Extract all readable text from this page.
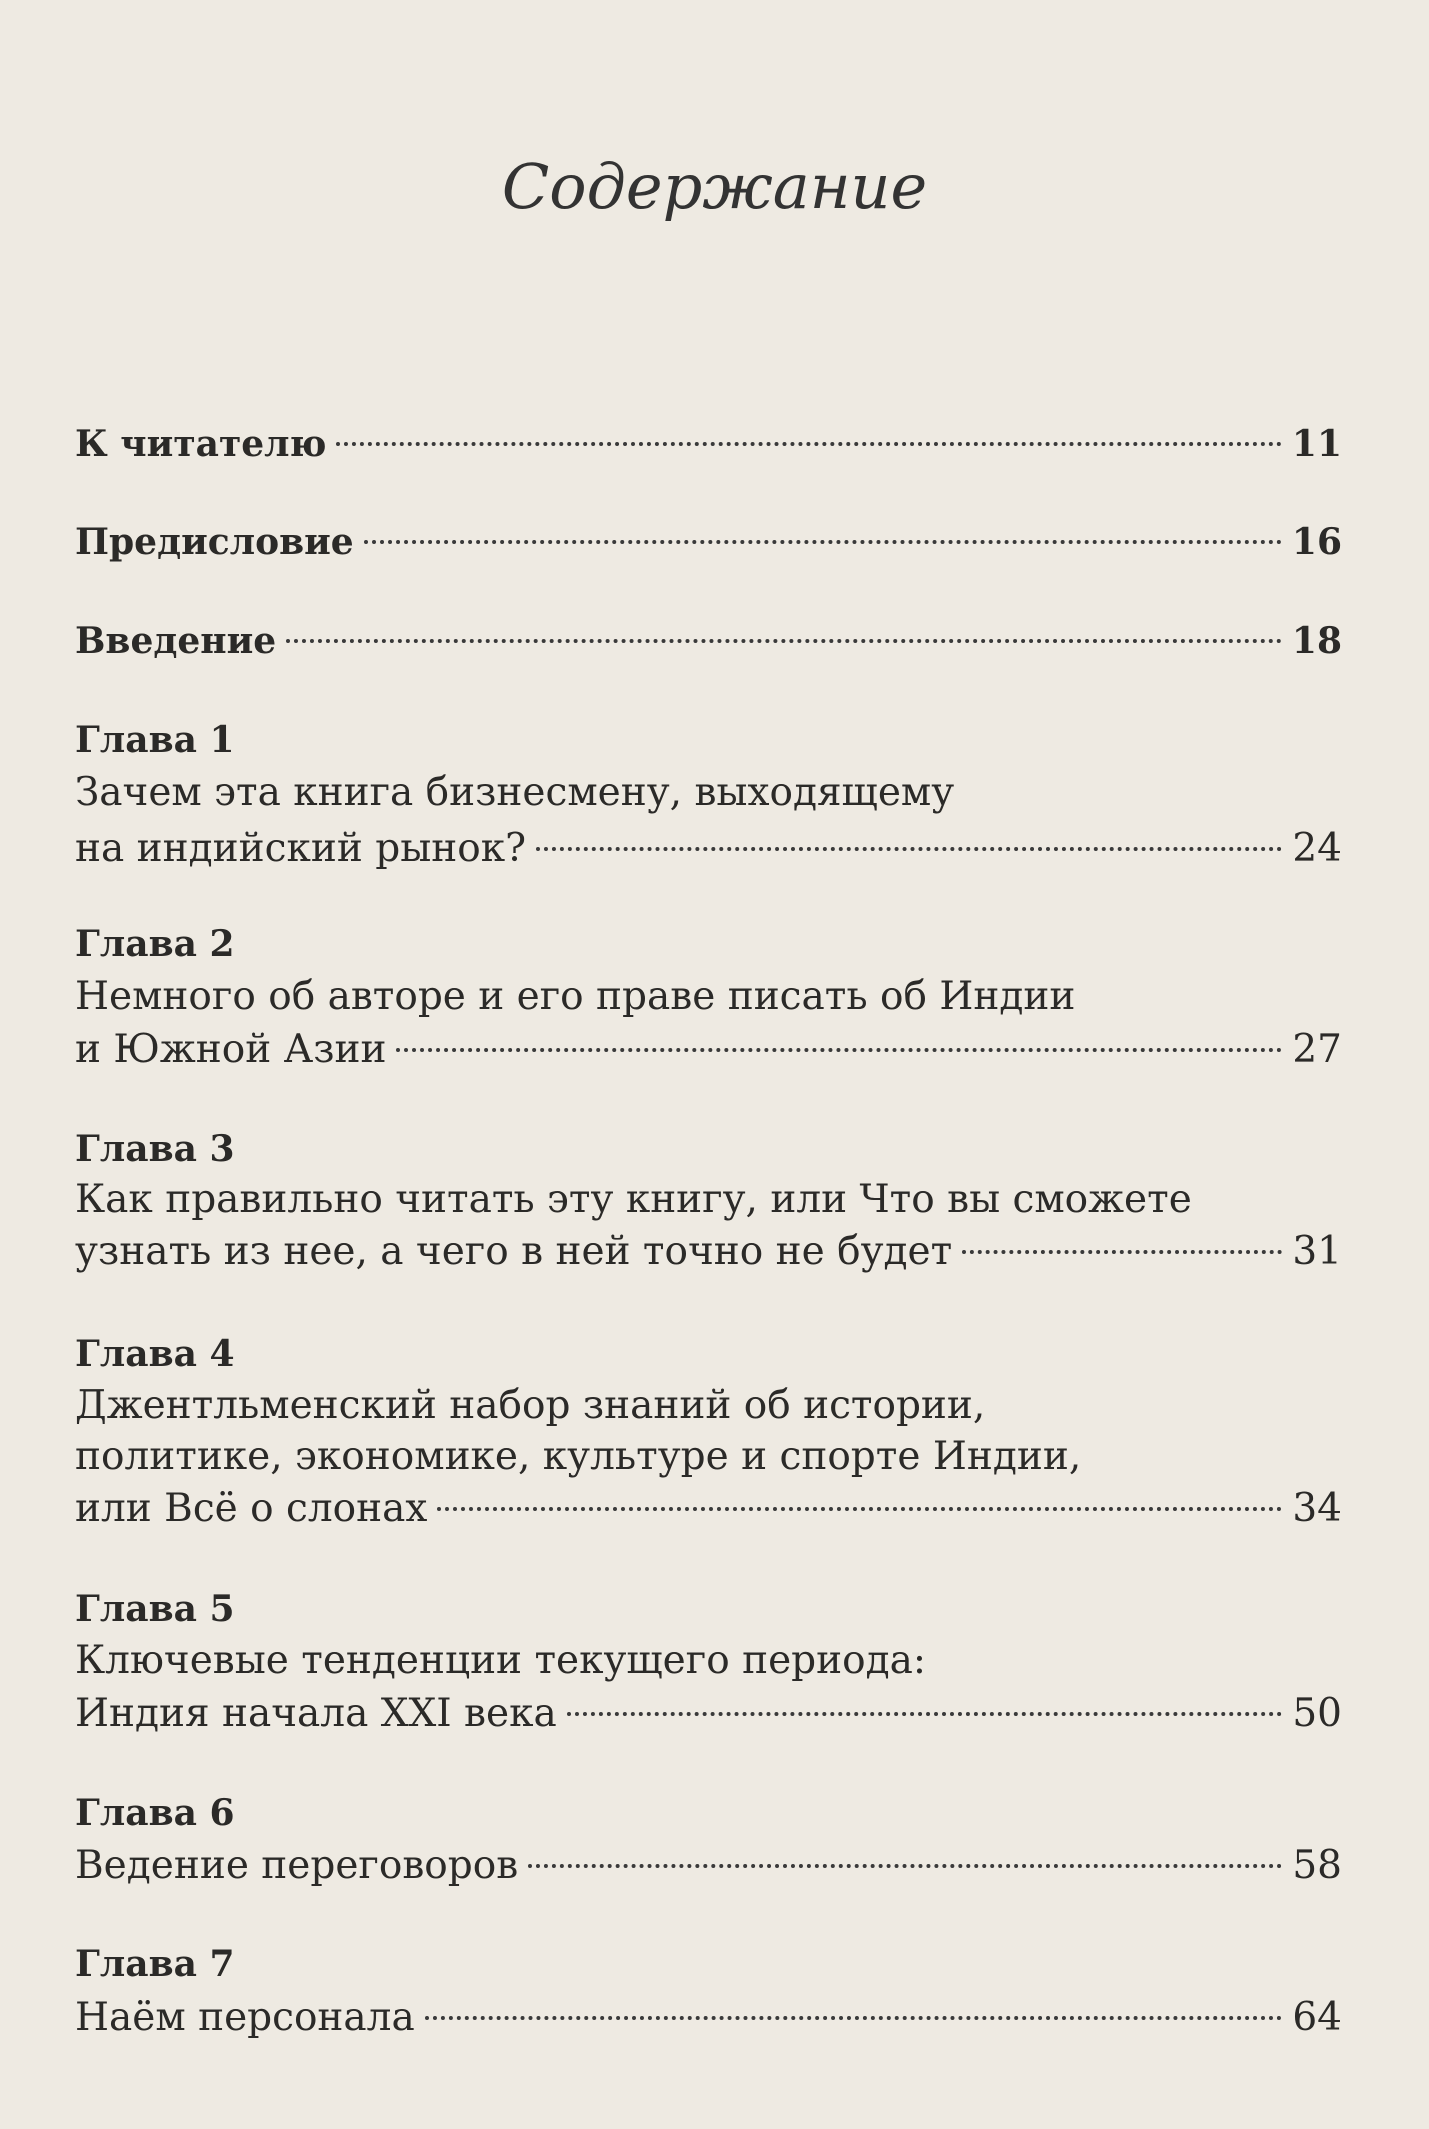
Содержание
К читателю	11
Предисловие	16
Введение	18
Глава 1
Зачем эта книга бизнесмену, выходящему
на индийский рынок?	24
Глава 2
Немного об авторе и его праве писать об Индии
и Южной Азии	27
Глава 3
Как правильно читать эту книгу, или Что вы сможете
узнать из нее, а чего в ней точно не будет	31
Глава 4
Джентльменский набор знаний об истории,
политике, экономике, культуре и спорте Индии,
или Всё о слонах	34
Глава 5
Ключевые тенденции текущего периода:
Индия начала XXI века	50
Глава 6
Ведение переговоров	58
Глава 7
Наём персонала	64
